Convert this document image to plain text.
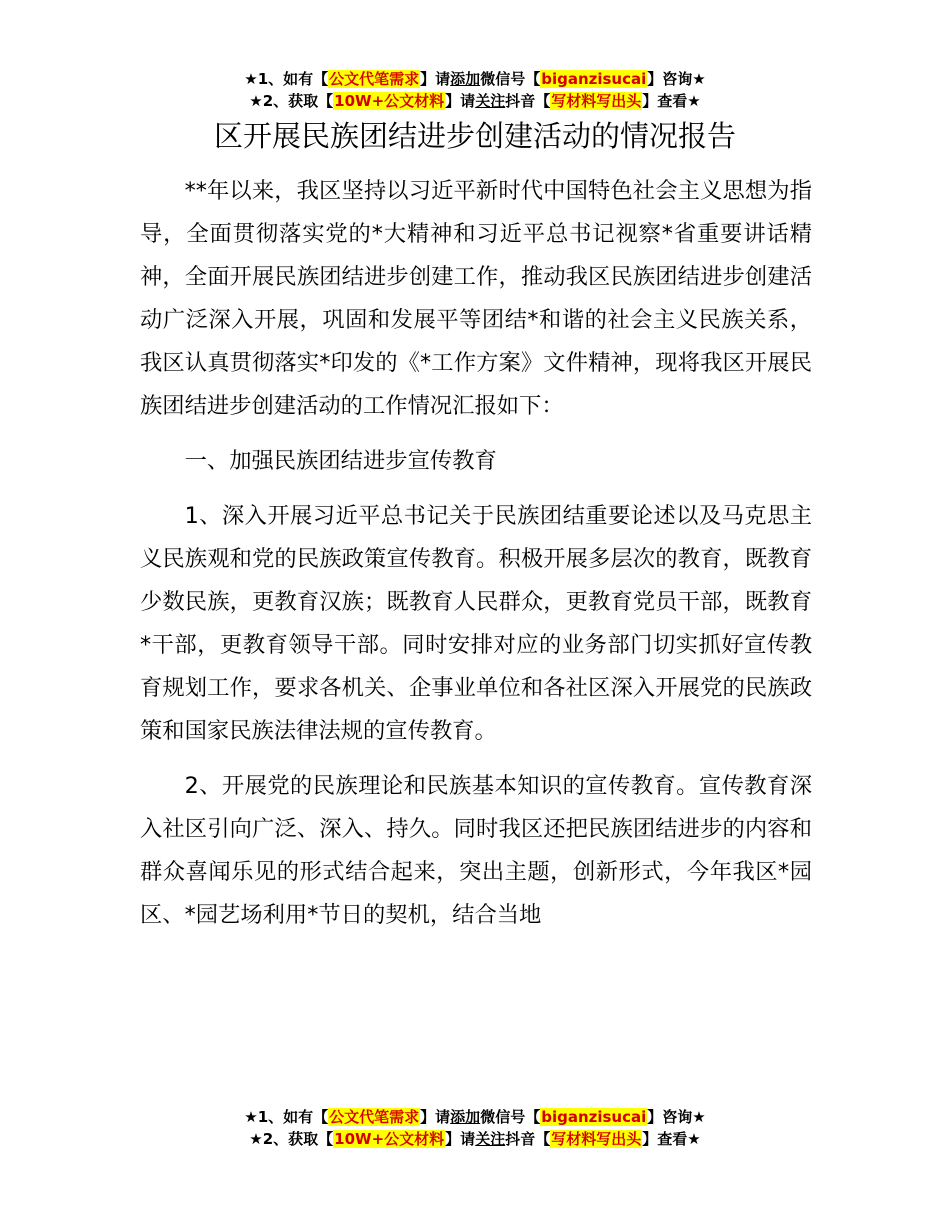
★1、如有【公文代笔需求】请添加微信号【biganzisucai】咨询★
★2、获取【10W+公文材料】请关注抖音【写材料写出头】查看★
区开展民族团结进步创建活动的情况报告

**年以来，我区坚持以习近平新时代中国特色社会主义思想为指导，全面贯彻落实党的*大精神和习近平总书记视察*省重要讲话精神，全面开展民族团结进步创建工作，推动我区民族团结进步创建活动广泛深入开展，巩固和发展平等团结*和谐的社会主义民族关系，我区认真贯彻落实*印发的《*工作方案》文件精神，现将我区开展民族团结进步创建活动的工作情况汇报如下：

一、加强民族团结进步宣传教育

1、深入开展习近平总书记关于民族团结重要论述以及马克思主义民族观和党的民族政策宣传教育。积极开展多层次的教育，既教育少数民族，更教育汉族；既教育人民群众，更教育党员干部，既教育*干部，更教育领导干部。同时安排对应的业务部门切实抓好宣传教育规划工作，要求各机关、企事业单位和各社区深入开展党的民族政策和国家民族法律法规的宣传教育。

2、开展党的民族理论和民族基本知识的宣传教育。宣传教育深入社区引向广泛、深入、持久。同时我区还把民族团结进步的内容和群众喜闻乐见的形式结合起来，突出主题，创新形式，今年我区*园区、*园艺场利用*节日的契机，结合当地

★1、如有【公文代笔需求】请添加微信号【biganzisucai】咨询★
★2、获取【10W+公文材料】请关注抖音【写材料写出头】查看★
